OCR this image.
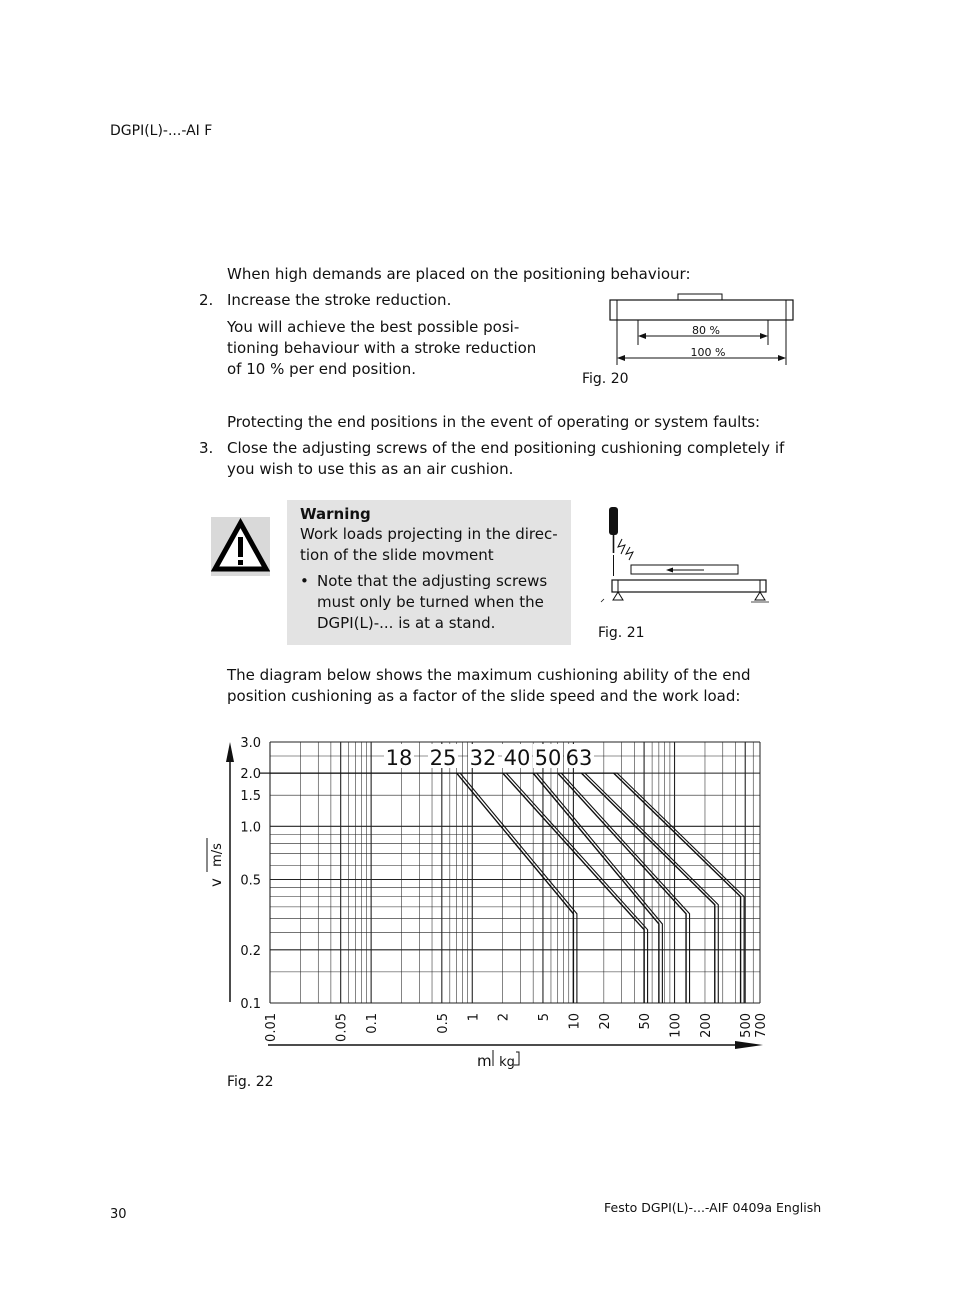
DGPI(L)-...-AI F
When high demands are placed on the positioning behaviour:
2. Increase the stroke reduction.
You will achieve the best possible posi-
tioning behaviour with a stroke reduction
of 10 % per end position.
80 %
100 %
Fig. 20
Protecting the end positions in the event of operating or system faults:
3. Close the adjusting screws of the end positioning cushioning completely if you wish to use this as an air cushion.
Warning
Work loads projecting in the direc-
tion of the slide movment
• Note that the adjusting screws
must only be turned when the
DGPI(L)-... is at a stand.
Fig. 21
The diagram below shows the maximum cushioning ability of the end position cushioning as a factor of the slide speed and the work load:
3.0
2.0
1.5
1.0
0.5
0.2
0.1
0.01	0.05 0.1	0.5 1 2 5 10 20 50 100 200 500 700
v
m/s
m kg
18 25 32 40 50 63
Fig. 22
30	Festo DGPI(L)-...-AIF 0409a English
